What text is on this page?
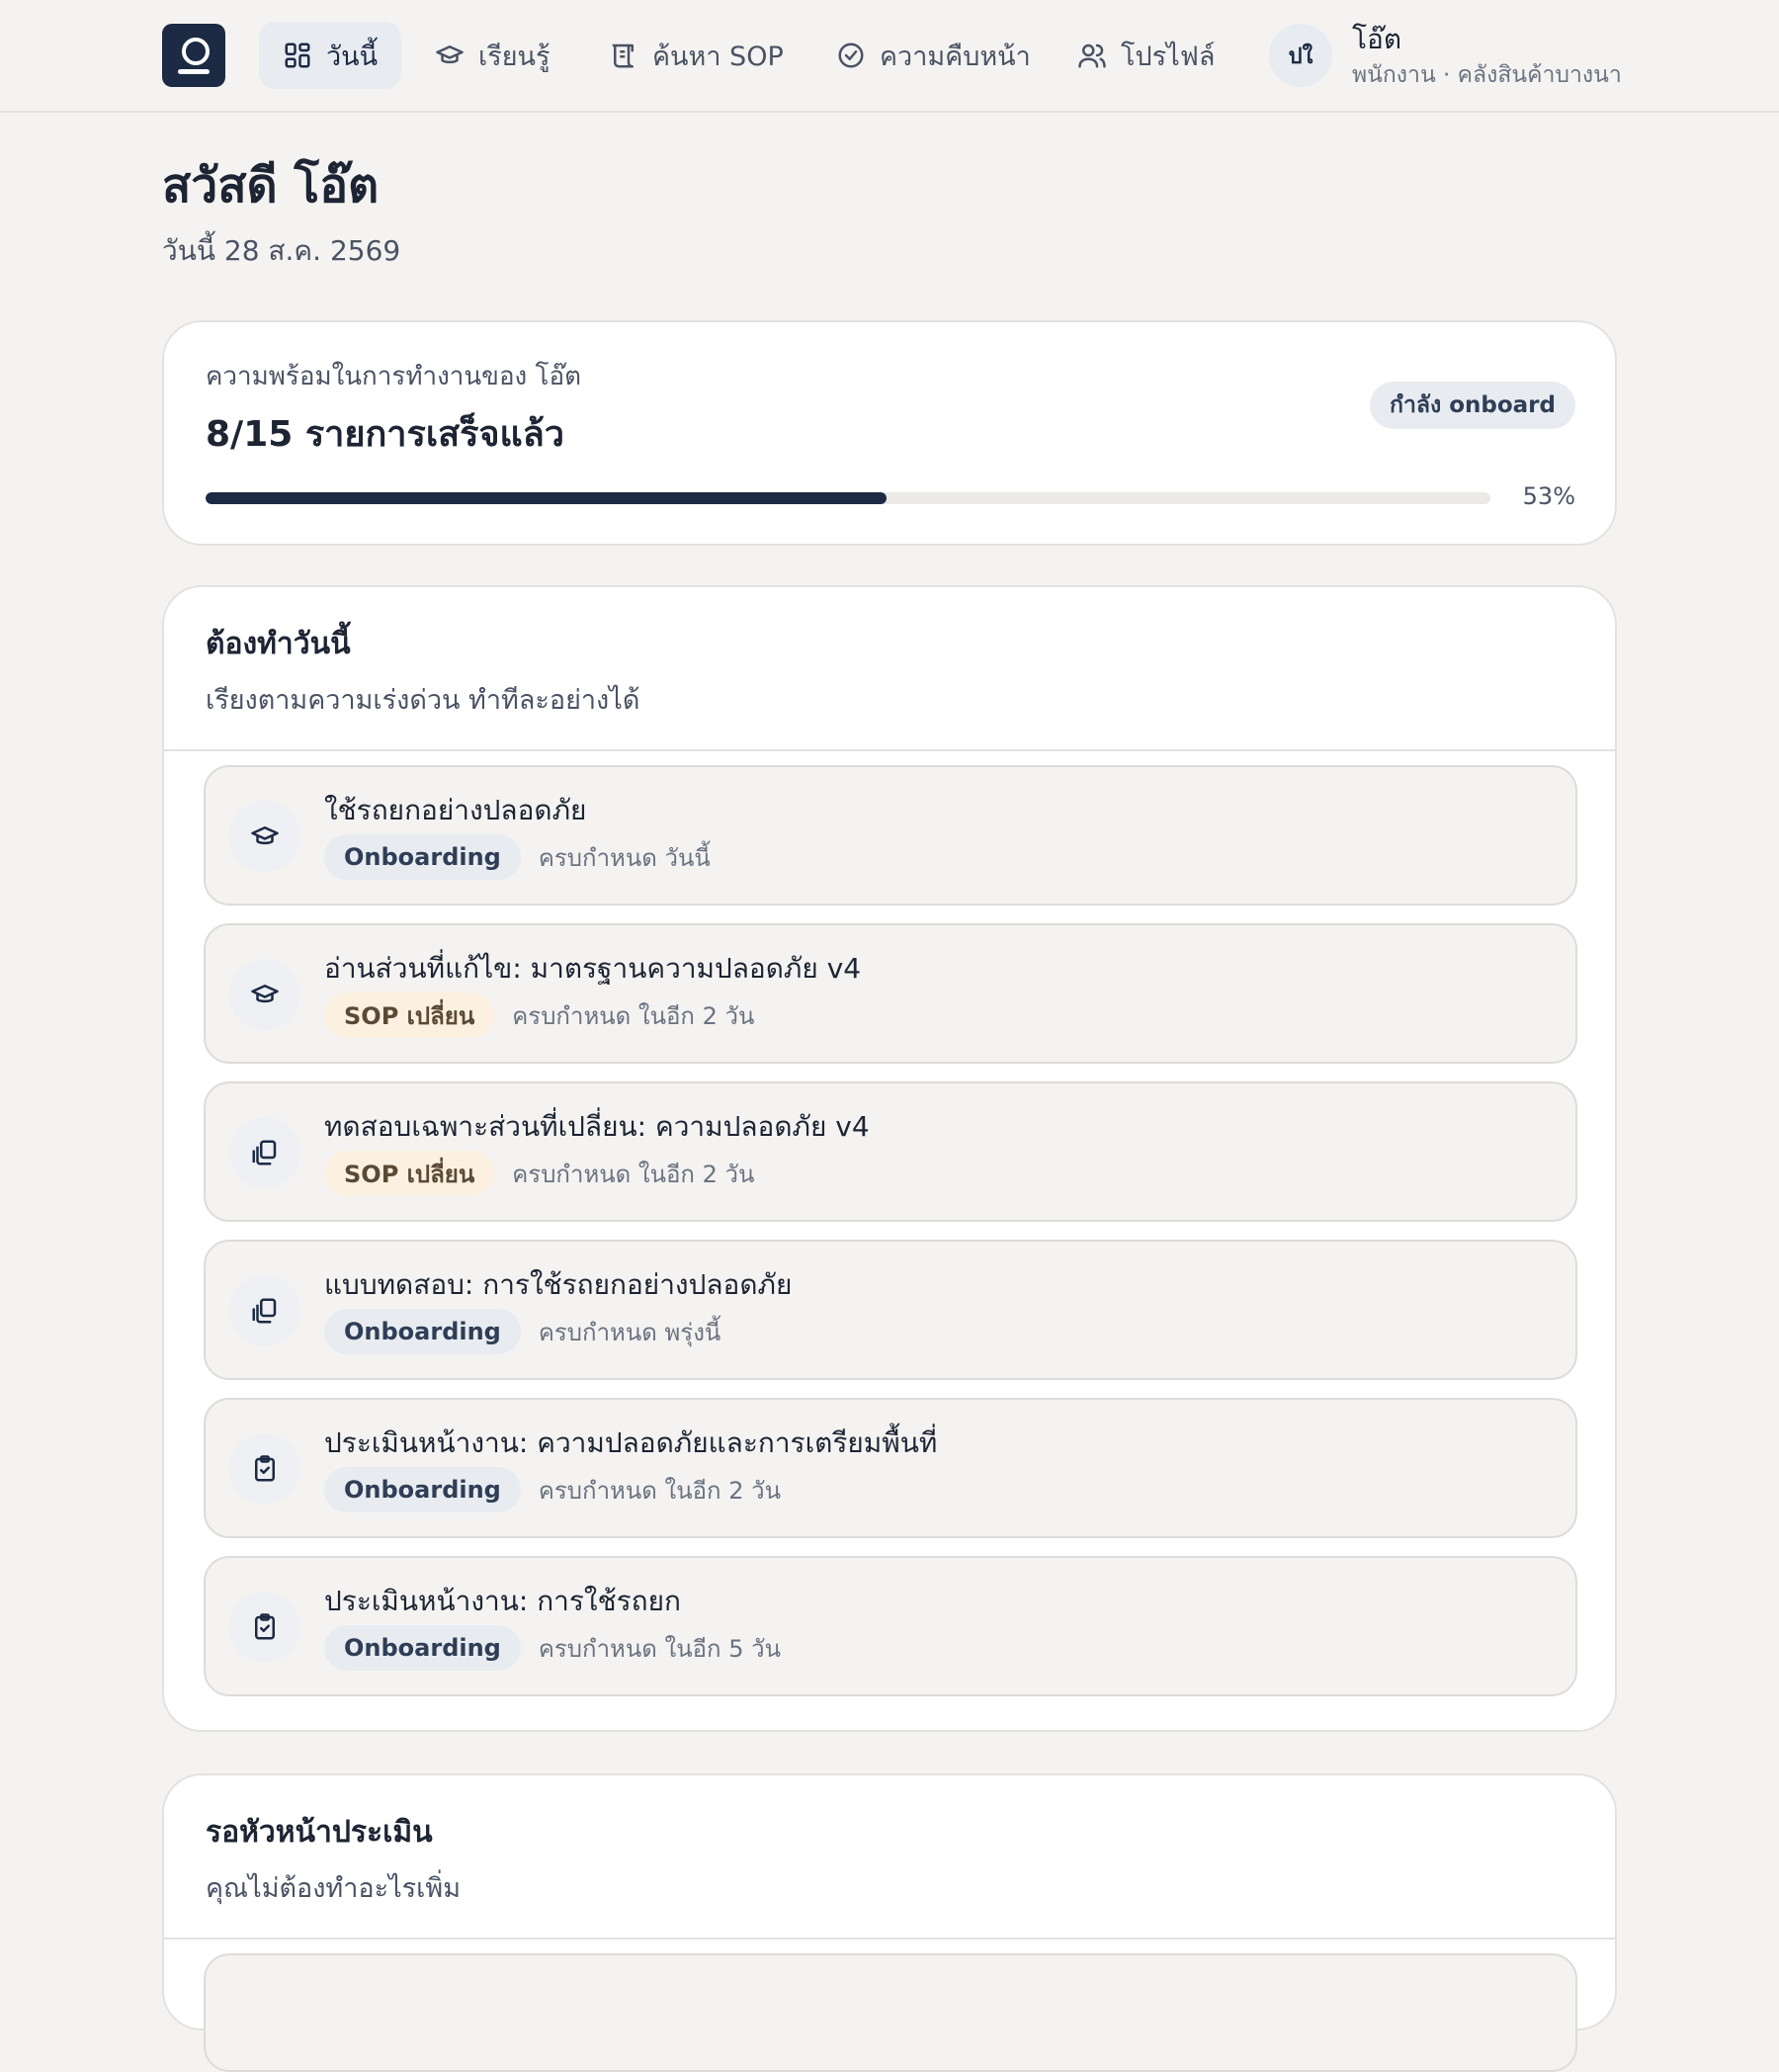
วันนี้	เรียนรู้	ค้นหา SOP	ความคืบหน้า	โปรไฟล์	ปใ
โอ๊ต
พนักงาน · คลังสินค้าบางนา
สวัสดี โอ๊ต
วันนี้ 28 ส.ค. 2569
ความพร้อมในการทำงานของ โอ๊ต
8/15 รายการเสร็จแล้ว
กำลัง onboard
53%
ต้องทำวันนี้
เรียงตามความเร่งด่วน ทำทีละอย่างได้
ใช้รถยกอย่างปลอดภัย
Onboarding	ครบกำหนด วันนี้
อ่านส่วนที่แก้ไข: มาตรฐานความปลอดภัย v4
SOP เปลี่ยน	ครบกำหนด ในอีก 2 วัน
ทดสอบเฉพาะส่วนที่เปลี่ยน: ความปลอดภัย v4
SOP เปลี่ยน	ครบกำหนด ในอีก 2 วัน
แบบทดสอบ: การใช้รถยกอย่างปลอดภัย
Onboarding	ครบกำหนด พรุ่งนี้
ประเมินหน้างาน: ความปลอดภัยและการเตรียมพื้นที่
Onboarding	ครบกำหนด ในอีก 2 วัน
ประเมินหน้างาน: การใช้รถยก
Onboarding	ครบกำหนด ในอีก 5 วัน
รอหัวหน้าประเมิน
คุณไม่ต้องทำอะไรเพิ่ม
